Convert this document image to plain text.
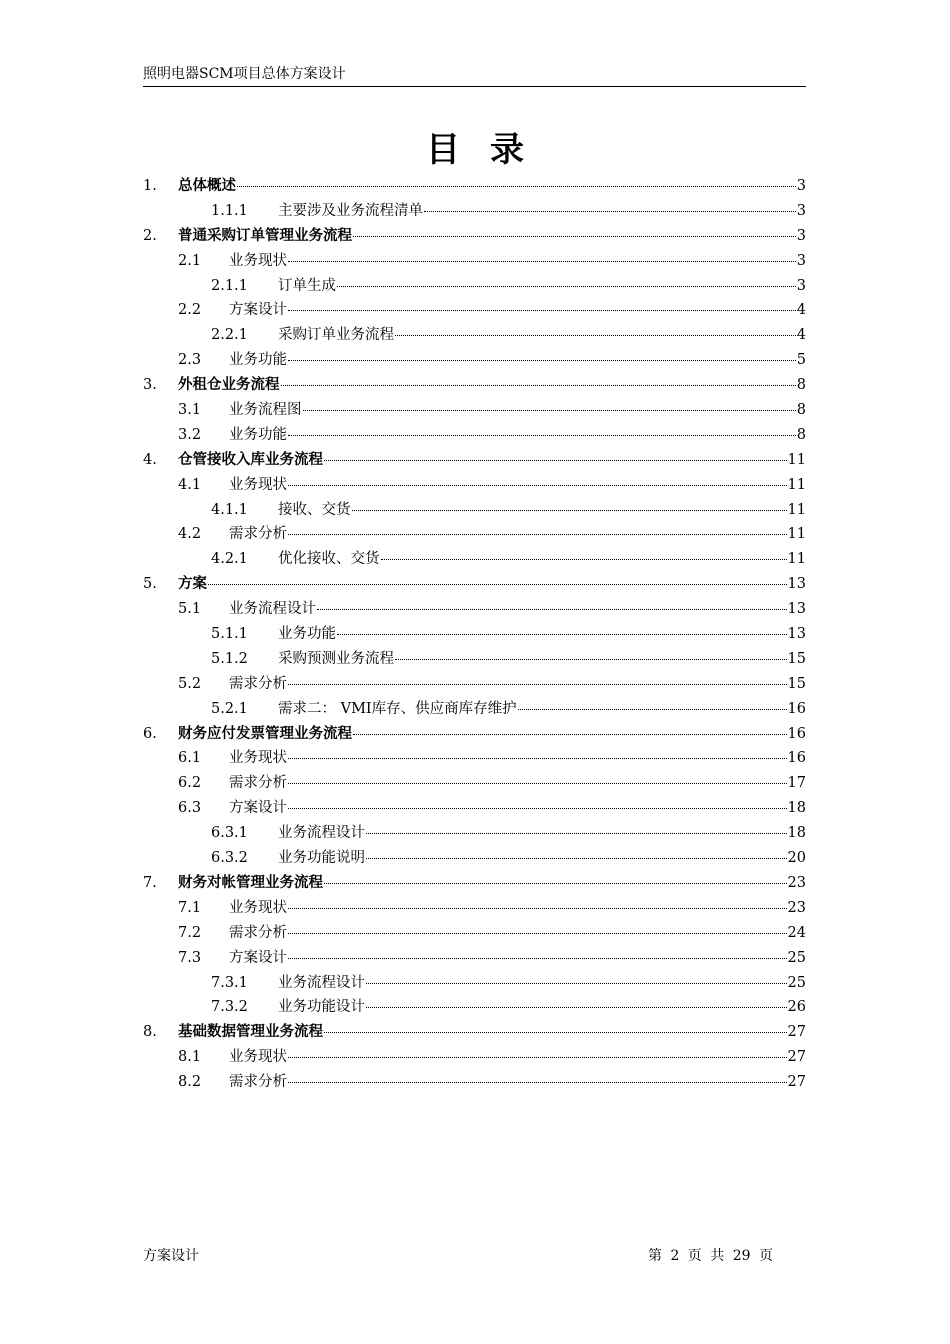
照明电器SCM项目总体方案设计
目录
1.	总体概述	3
1.1.1	主要涉及业务流程清单	3
2.	普通采购订单管理业务流程	3
2.1	业务现状	3
2.1.1	订单生成	3
2.2	方案设计	4
2.2.1	采购订单业务流程	4
2.3	业务功能	5
3.	外租仓业务流程	8
3.1	业务流程图	8
3.2	业务功能	8
4.	仓管接收入库业务流程	11
4.1	业务现状	11
4.1.1	接收、交货	11
4.2	需求分析	11
4.2.1	优化接收、交货	11
5.	方案	13
5.1	业务流程设计	13
5.1.1	业务功能	13
5.1.2	采购预测业务流程	15
5.2	需求分析	15
5.2.1	需求二： VMI库存、供应商库存维护	16
6.	财务应付发票管理业务流程	16
6.1	业务现状	16
6.2	需求分析	17
6.3	方案设计	18
6.3.1	业务流程设计	18
6.3.2	业务功能说明	20
7.	财务对帐管理业务流程	23
7.1	业务现状	23
7.2	需求分析	24
7.3	方案设计	25
7.3.1	业务流程设计	25
7.3.2	业务功能设计	26
8.	基础数据管理业务流程	27
8.1	业务现状	27
8.2	需求分析	27
方案设计	第 2 页 共 29 页
